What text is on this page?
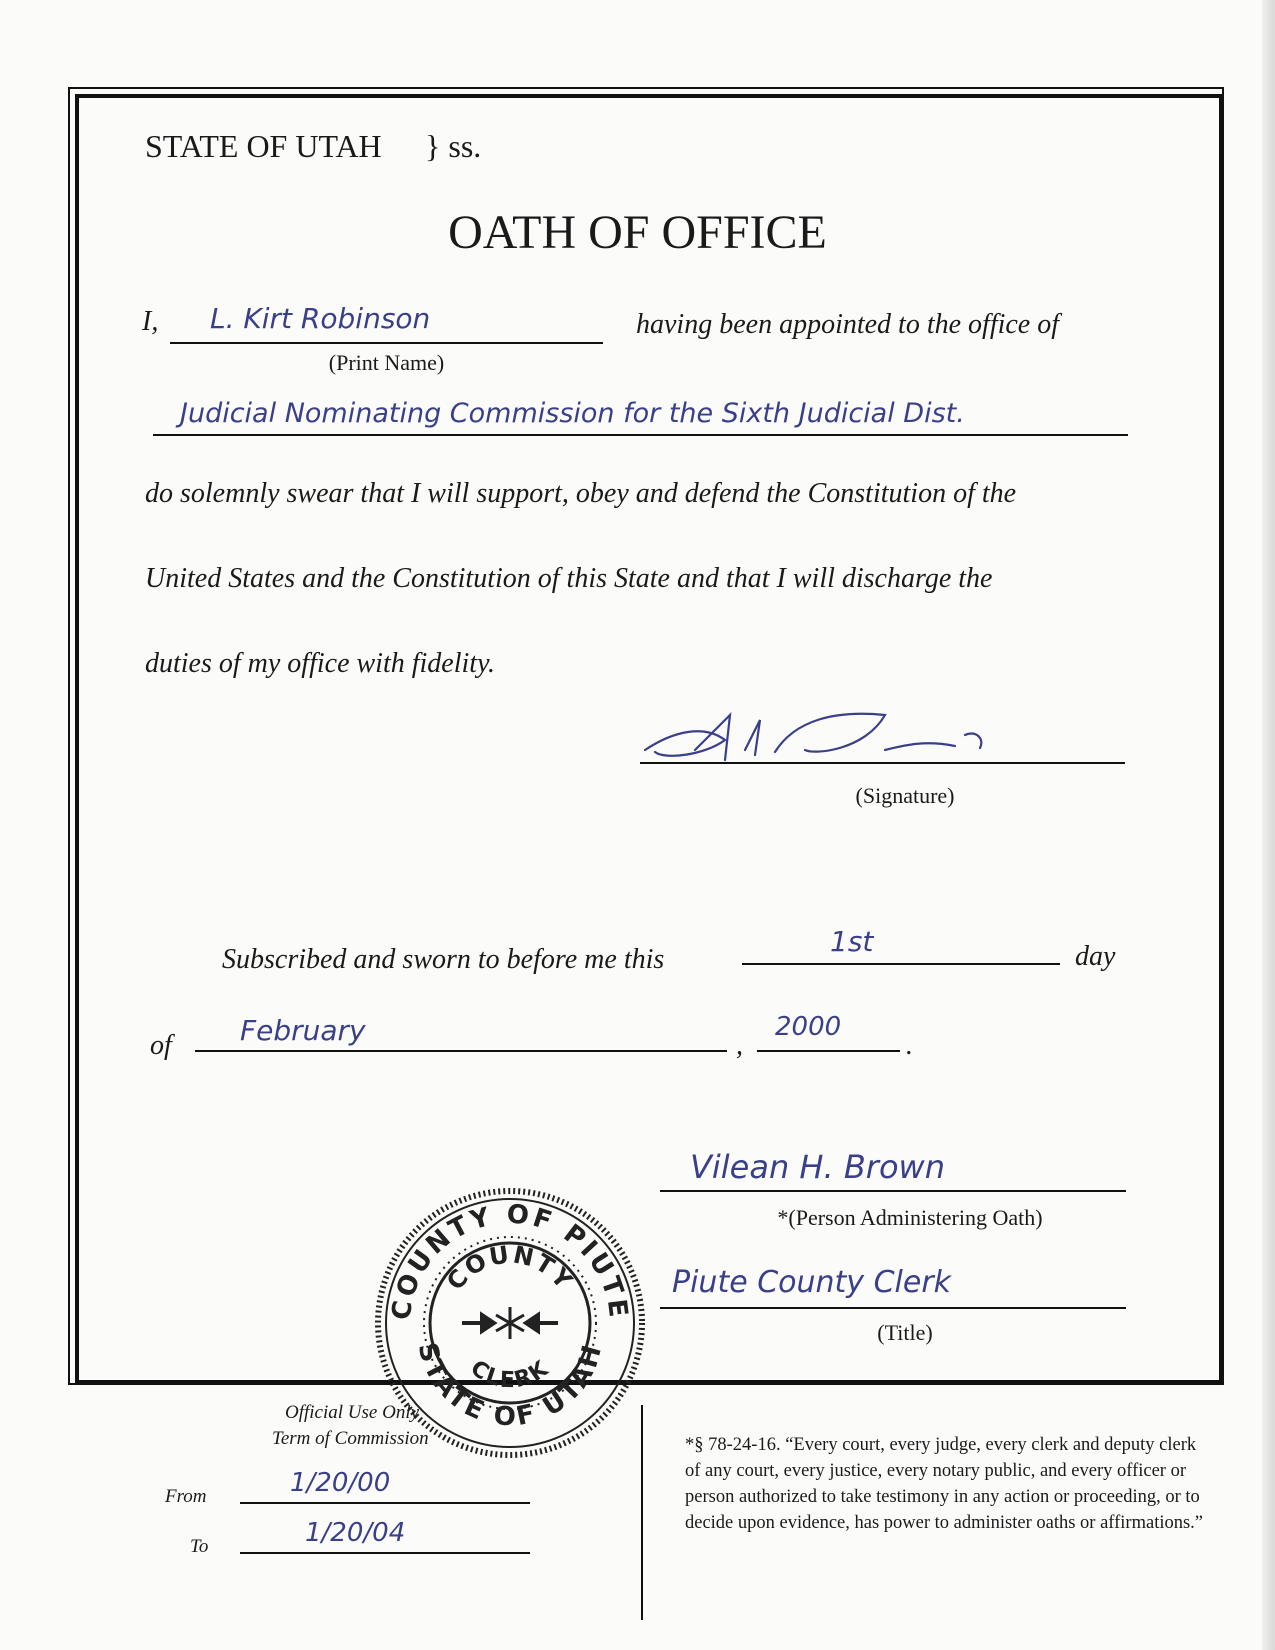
STATE OF UTAH } ss.
OATH OF OFFICE
I, L. Kirt Robinson	having been appointed to the office of
(Print Name)
Judicial Nominating Commission for the Sixth Judicial Dist.
do solemnly swear that I will support, obey and defend the Constitution of the
United States and the Constitution of this State and that I will discharge the
duties of my office with fidelity.
(Signature)
Subscribed and sworn to before me this
1st	day
of February	,
2000
.
Vilean H. Brown
*(Person Administering Oath)
Piute County Clerk
(Title)
COUNTY OF PIUTE
STATE OF UTAH
COUNTY
CLERK
Official Use Only
Term of Commission
From	1/20/00
To	1/20/04
*§ 78-24-16. “Every court, every judge, every clerk and deputy clerk of any court, every justice, every notary public, and every officer or person authorized to take testimony in any action or proceeding, or to decide upon evidence, has power to administer oaths or affirmations.”
